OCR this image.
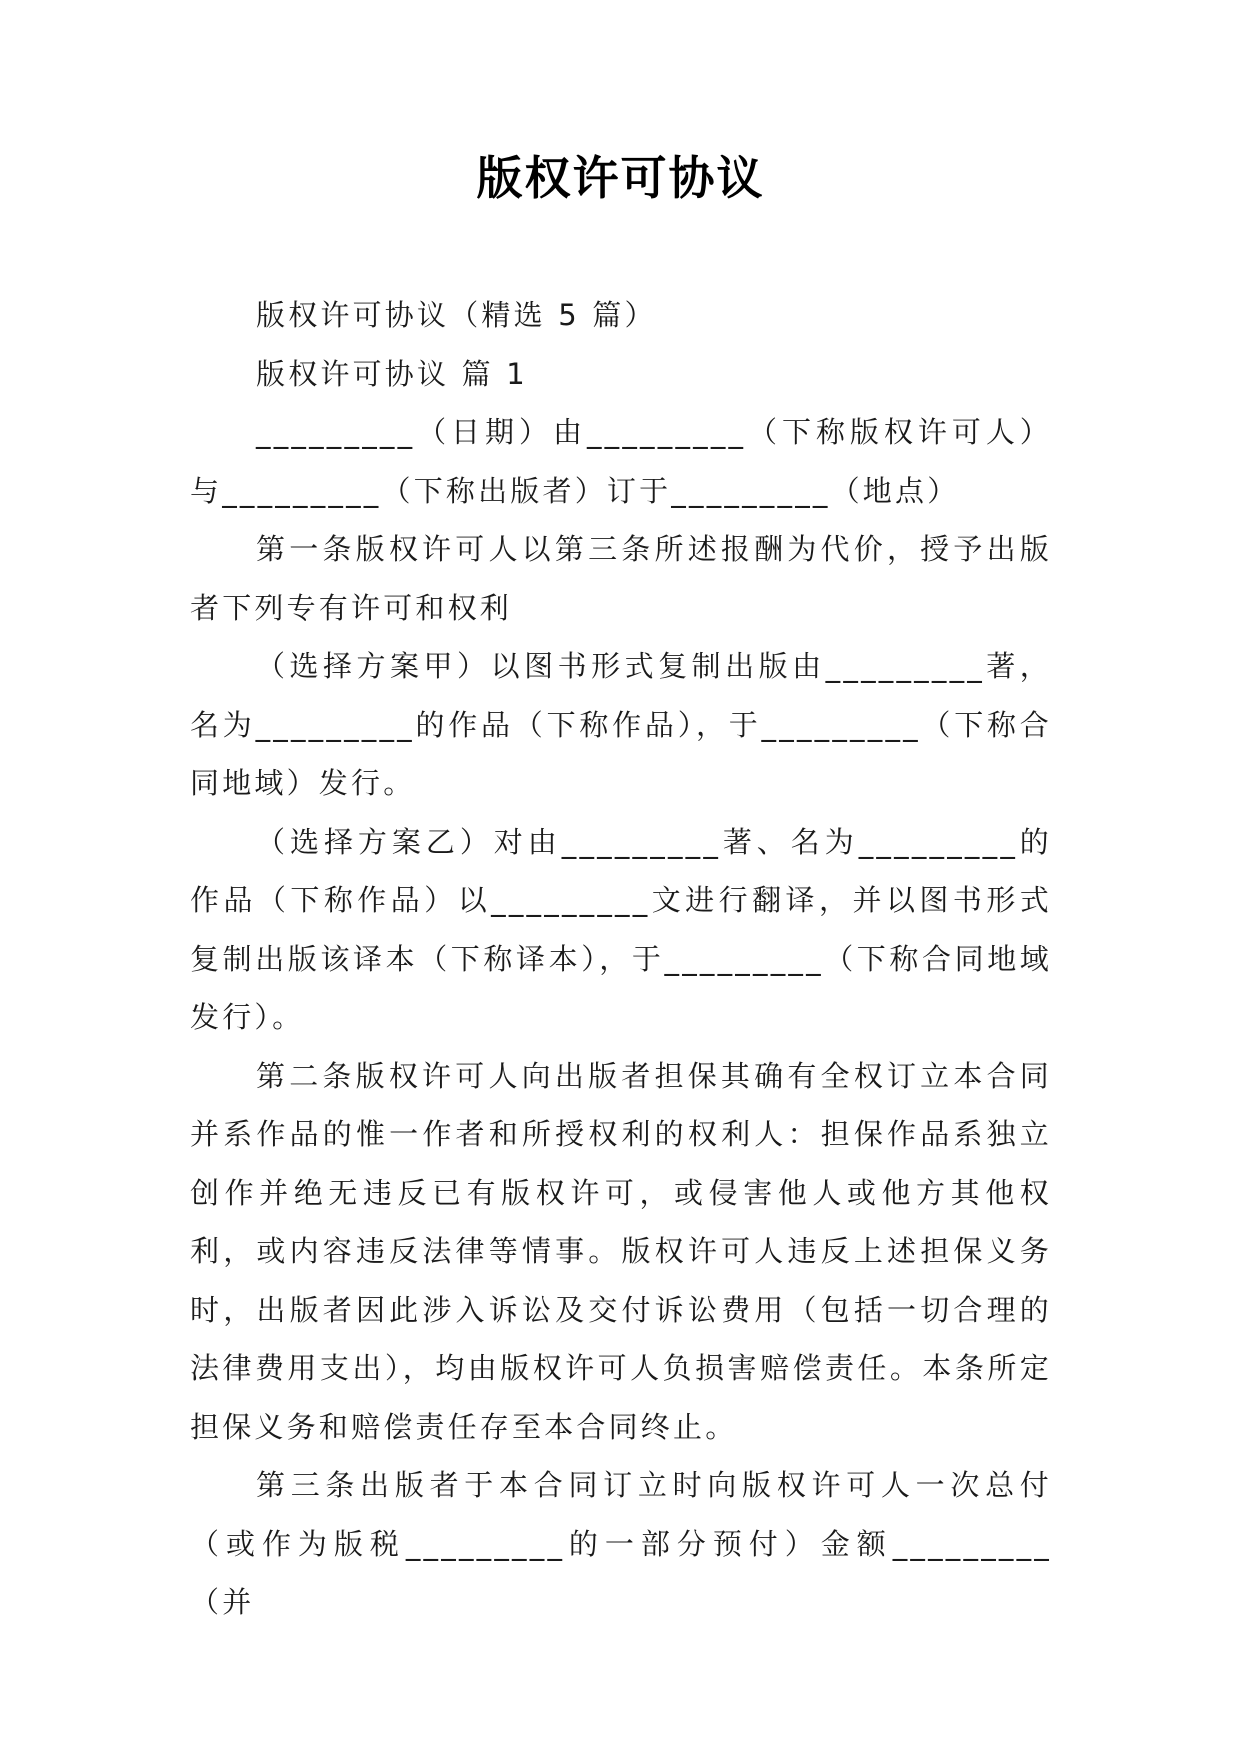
版权许可协议

版权许可协议（精选 5 篇）

版权许可协议 篇 1

_________（日期）由_________（下称版权许可人）与_________（下称出版者）订于_________（地点）

第一条版权许可人以第三条所述报酬为代价，授予出版者下列专有许可和权利

（选择方案甲）以图书形式复制出版由_________著，名为_________的作品（下称作品），于_________（下称合同地域）发行。

（选择方案乙）对由_________著、名为_________的作品（下称作品）以_________文进行翻译，并以图书形式复制出版该译本（下称译本），于_________（下称合同地域发行）。

第二条版权许可人向出版者担保其确有全权订立本合同并系作品的惟一作者和所授权利的权利人：担保作品系独立创作并绝无违反已有版权许可，或侵害他人或他方其他权利，或内容违反法律等情事。版权许可人违反上述担保义务时，出版者因此涉入诉讼及交付诉讼费用（包括一切合理的法律费用支出），均由版权许可人负损害赔偿责任。本条所定担保义务和赔偿责任存至本合同终止。

第三条出版者于本合同订立时向版权许可人一次总付（或作为版税_________的一部分预付）金额_________（并
